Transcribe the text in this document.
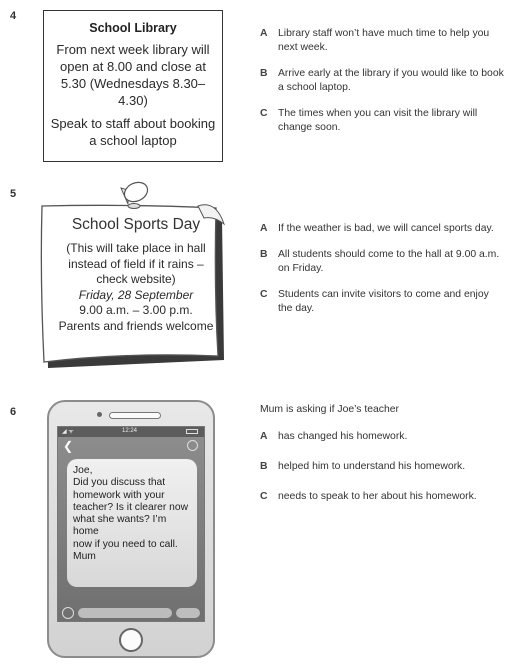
4
School Library
From next week library will open at 8.00 and close at 5.30 (Wednesdays 8.30–4.30)
Speak to staff about booking a school laptop
A Library staff won’t have much time to help you next week.
B Arrive early at the library if you would like to book a school laptop.
C The times when you can visit the library will change soon.
5
School Sports Day
(This will take place in hall instead of field if it rains – check website)
Friday, 28 September
9.00 a.m. – 3.00 p.m.
Parents and friends welcome
A If the weather is bad, we will cancel sports day.
B All students should come to the hall at 9.00 a.m. on Friday.
C Students can invite visitors to come and enjoy the day.
6
◢ ᯤ	12:24
❮
Joe,
Did you discuss that
homework with your
teacher? Is it clearer now
what she wants? I’m home
now if you need to call.
Mum
Mum is asking if Joe’s teacher
A has changed his homework.
B helped him to understand his homework.
C needs to speak to her about his homework.
